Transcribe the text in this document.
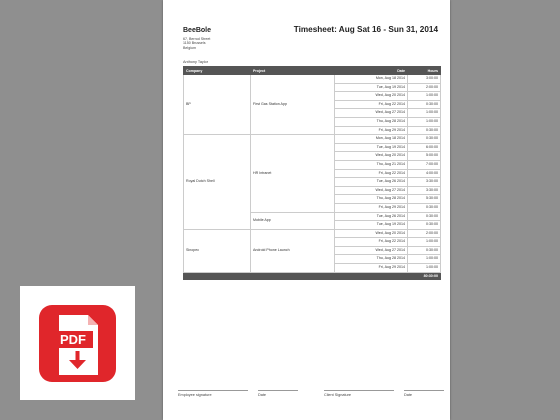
BeeBole
67, Berrod Street
1150 Brussels
Belgium
Timesheet: Aug Sat 16 - Sun 31, 2014
Anthony Taylor
Company	Project	Date	Hours
BP	First Gas Station App	Mon, Aug 18 2014	3:00:00
		Tue, Aug 19 2014	2:00:00
		Wed, Aug 20 2014	1:00:00
		Fri, Aug 22 2014	0:30:00
		Wed, Aug 27 2014	1:00:00
		Thu, Aug 28 2014	1:00:00
		Fri, Aug 29 2014	0:30:00
Royal Dutch Shell	HR Intranet	Mon, Aug 18 2014	0:30:00
		Tue, Aug 19 2014	6:00:00
		Wed, Aug 20 2014	5:00:00
		Thu, Aug 21 2014	7:00:00
		Fri, Aug 22 2014	4:00:00
		Tue, Aug 26 2014	3:30:00
		Wed, Aug 27 2014	3:30:00
		Thu, Aug 28 2014	5:30:00
		Fri, Aug 29 2014	0:30:00
	Mobile App	Tue, Aug 26 2014	0:30:00
		Tue, Aug 19 2014	0:30:00
Sinopec	Android Phone Launch	Wed, Aug 20 2014	2:00:00
		Fri, Aug 22 2014	1:00:00
		Wed, Aug 27 2014	0:30:00
		Thu, Aug 28 2014	1:00:00
		Fri, Aug 29 2014	1:00:00
			80:30:00
Employee signature	Date	Client Signature	Date
PDF
